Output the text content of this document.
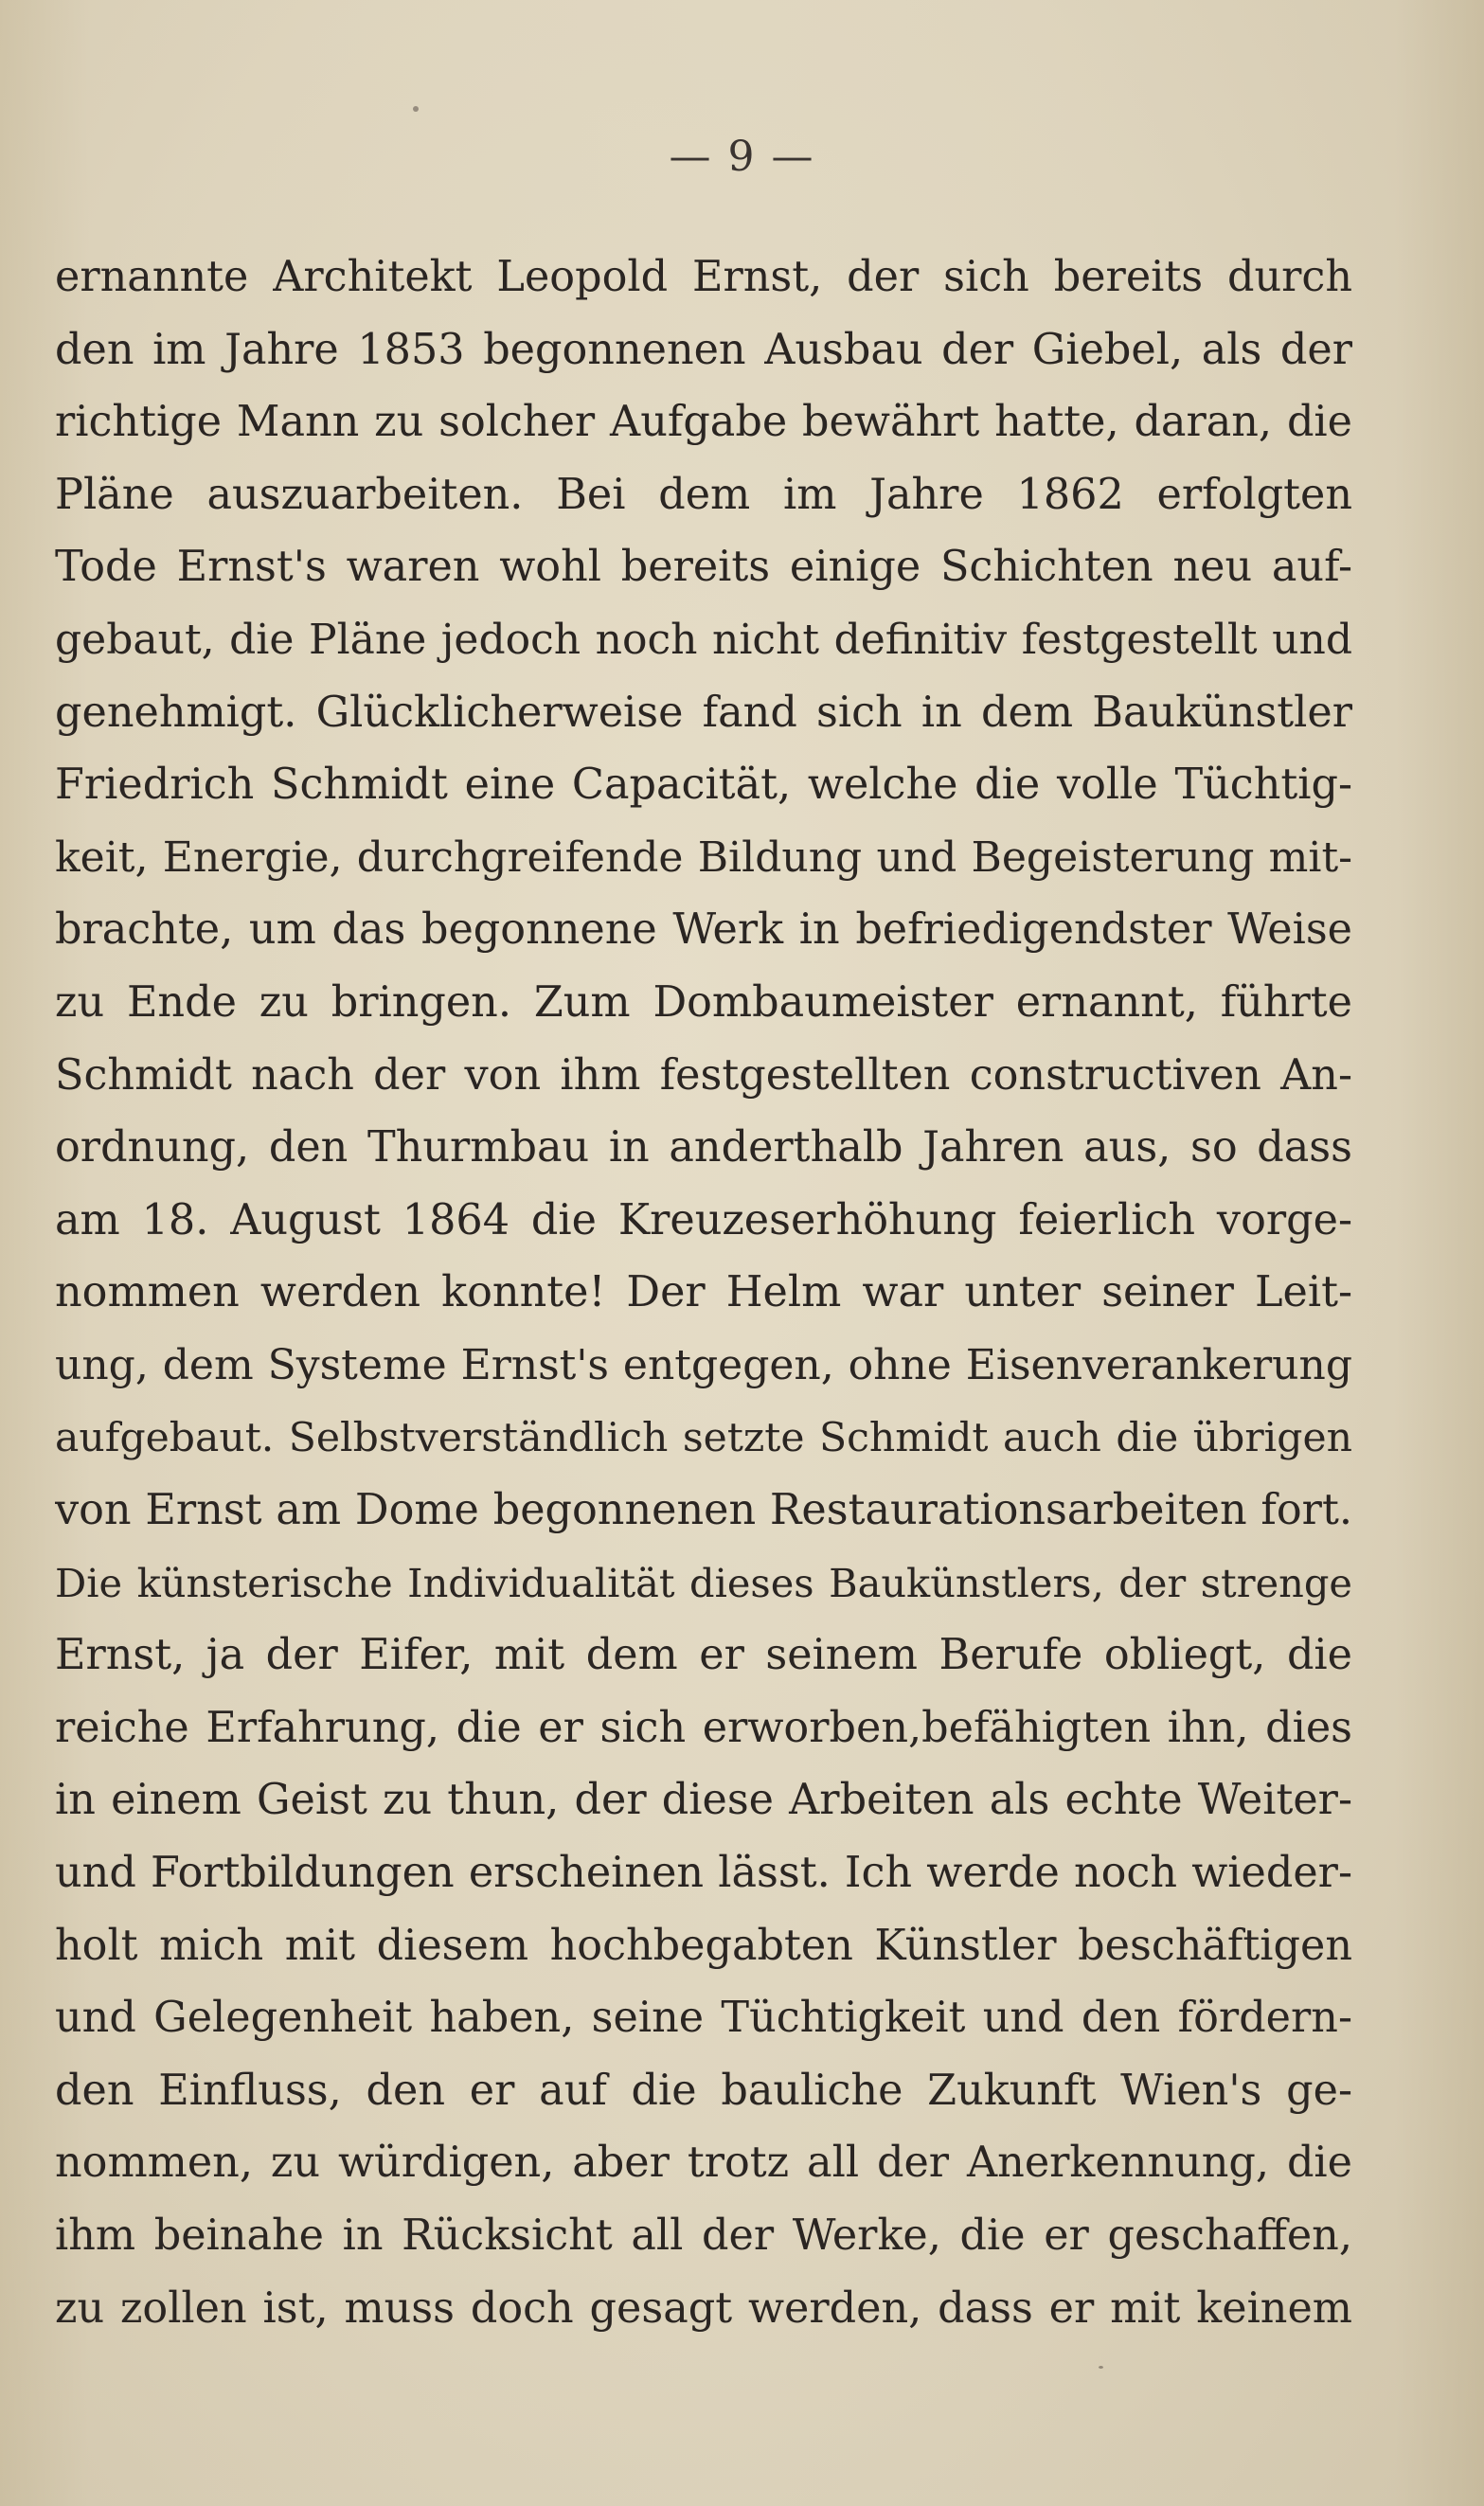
— 9 —
ernannte Architekt Leopold Ernst, der sich bereits durch
den im Jahre 1853 begonnenen Ausbau der Giebel, als der
richtige Mann zu solcher Aufgabe bewährt hatte, daran, die
Pläne auszuarbeiten. Bei dem im Jahre 1862 erfolgten
Tode Ernst's waren wohl bereits einige Schichten neu auf-
gebaut, die Pläne jedoch noch nicht definitiv festgestellt und
genehmigt. Glücklicherweise fand sich in dem Baukünstler
Friedrich Schmidt eine Capacität, welche die volle Tüchtig-
keit, Energie, durchgreifende Bildung und Begeisterung mit-
brachte, um das begonnene Werk in befriedigendster Weise
zu Ende zu bringen. Zum Dombaumeister ernannt, führte
Schmidt nach der von ihm festgestellten constructiven An-
ordnung, den Thurmbau in anderthalb Jahren aus, so dass
am 18. August 1864 die Kreuzeserhöhung feierlich vorge-
nommen werden konnte! Der Helm war unter seiner Leit-
ung, dem Systeme Ernst's entgegen, ohne Eisenverankerung
aufgebaut. Selbstverständlich setzte Schmidt auch die übrigen
von Ernst am Dome begonnenen Restaurationsarbeiten fort.
Die künsterische Individualität dieses Baukünstlers, der strenge
Ernst, ja der Eifer, mit dem er seinem Berufe obliegt, die
reiche Erfahrung, die er sich erworben,befähigten ihn, dies
in einem Geist zu thun, der diese Arbeiten als echte Weiter-
und Fortbildungen erscheinen lässt. Ich werde noch wieder-
holt mich mit diesem hochbegabten Künstler beschäftigen
und Gelegenheit haben, seine Tüchtigkeit und den fördern-
den Einfluss, den er auf die bauliche Zukunft Wien's ge-
nommen, zu würdigen, aber trotz all der Anerkennung, die
ihm beinahe in Rücksicht all der Werke, die er geschaffen,
zu zollen ist, muss doch gesagt werden, dass er mit keinem
